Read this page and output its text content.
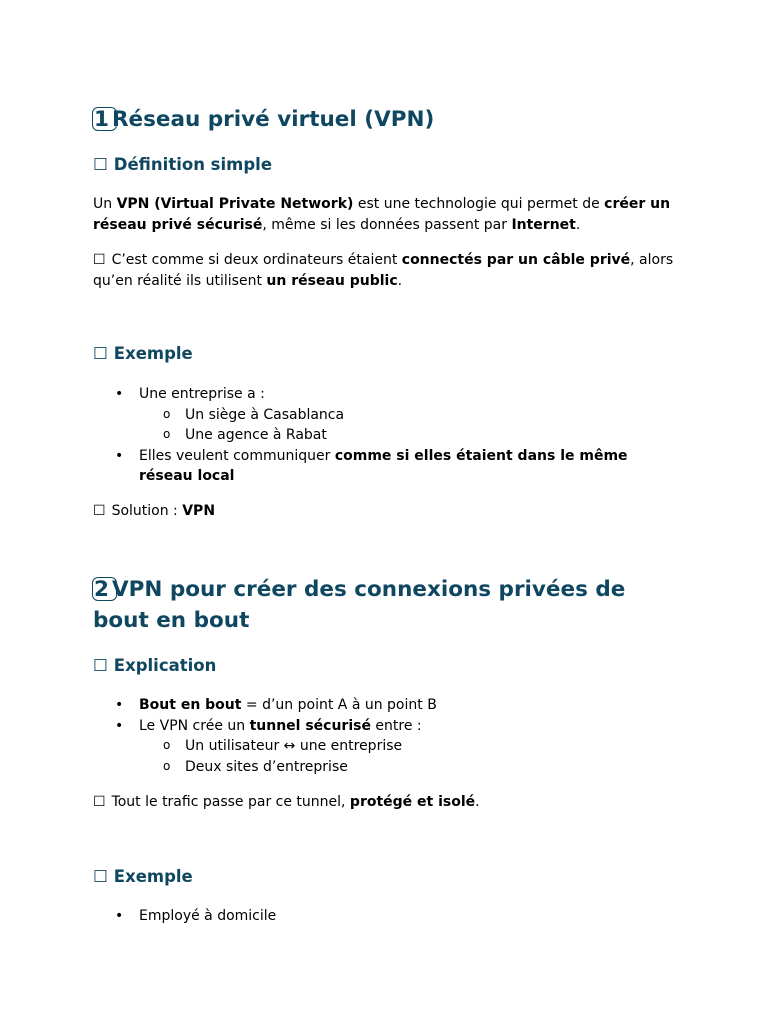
1 Réseau privé virtuel (VPN)
☐ Définition simple

Un VPN (Virtual Private Network) est une technologie qui permet de créer un réseau privé sécurisé, même si les données passent par Internet.

☐ C’est comme si deux ordinateurs étaient connectés par un câble privé, alors qu’en réalité ils utilisent un réseau public.

☐ Exemple
• Une entreprise a :
o Un siège à Casablanca
o Une agence à Rabat
• Elles veulent communiquer comme si elles étaient dans le même réseau local

☐ Solution : VPN

2 VPN pour créer des connexions privées de bout en bout
☐ Explication
• Bout en bout = d’un point A à un point B
• Le VPN crée un tunnel sécurisé entre :
o Un utilisateur ↔ une entreprise
o Deux sites d’entreprise

☐ Tout le trafic passe par ce tunnel, protégé et isolé.

☐ Exemple
• Employé à domicile
